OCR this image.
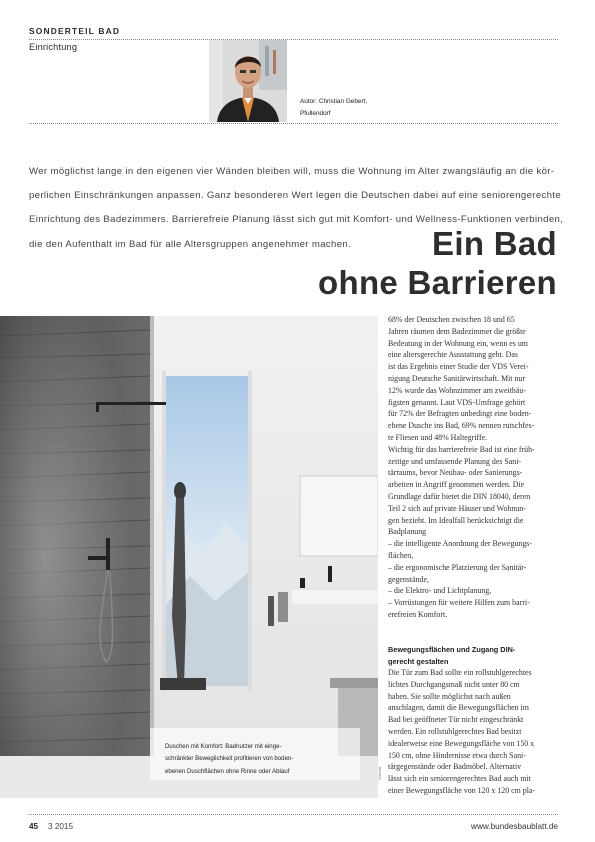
SONDERTEIL BAD
Einrichtung
Autor: Christian Gebert,
Pfullendorf
Wer möglichst lange in den eigenen vier Wänden bleiben will, muss die Wohnung im Alter zwangsläufig an die kör-
perlichen Einschränkungen anpassen. Ganz besonderen Wert legen die Deutschen dabei auf eine seniorengerechte
Einrichtung des Badezimmers. Barrierefreie Planung lässt sich gut mit Komfort- und Wellness-Funktionen verbinden,
die den Aufenthalt im Bad für alle Altersgruppen angenehmer machen.	Ein Bad
ohne Barrieren
Duschen mit Komfort: Badnutzer mit einge-
schränkter Beweglichkeit profitieren von boden-
ebenen Duschflächen ohne Rinne oder Ablauf	Geberit
68% der Deutschen zwischen 18 und 65
Jahren räumen dem Badezimmer die größte
Bedeutung in der Wohnung ein, wenn es um
eine altersgerechte Ausstattung geht. Das
ist das Ergebnis einer Studie der VDS Verei-
nigung Deutsche Sanitärwirtschaft. Mit nur
12% wurde das Wohnzimmer am zweithäu-
figsten genannt. Laut VDS-Umfrage gehört
für 72% der Befragten unbedingt eine boden-
ebene Dusche ins Bad, 69% nennen rutschfes-
te Fliesen und 48% Haltegriffe.
Wichtig für das barrierefreie Bad ist eine früh-
zeitige und umfassende Planung des Sani-
tärraums, bevor Neubau- oder Sanierungs-
arbeiten in Angriff genommen werden. Die
Grundlage dafür bietet die DIN 18040, deren
Teil 2 sich auf private Häuser und Wohnun-
gen bezieht. Im Idealfall berücksichtigt die
Badplanung
– die intelligente Anordnung der Bewegungs-
flächen,
– die ergonomische Platzierung der Sanitär-
gegenstände,
– die Elektro- und Lichtplanung,
– Vorrüstungen für weitere Hilfen zum barri-
erefreien Komfort.
Bewegungsflächen und Zugang DIN-
gerecht gestalten
Die Tür zum Bad sollte ein rollstuhlgerechtes
lichtes Durchgangsmaß nicht unter 80 cm
haben. Sie sollte möglichst nach außen
anschlagen, damit die Bewegungsflächen im
Bad bei geöffneter Tür nicht eingeschränkt
werden. Ein rollstuhlgerechtes Bad besitzt
idealerweise eine Bewegungsfläche von 150 x
150 cm, ohne Hindernisse etwa durch Sani-
tärgegenstände oder Badmöbel. Alternativ
lässt sich ein seniorengerechtes Bad auch mit
einer Bewegungsfläche von 120 x 120 cm pla-
45 3 2015	www.bundesbaublatt.de
